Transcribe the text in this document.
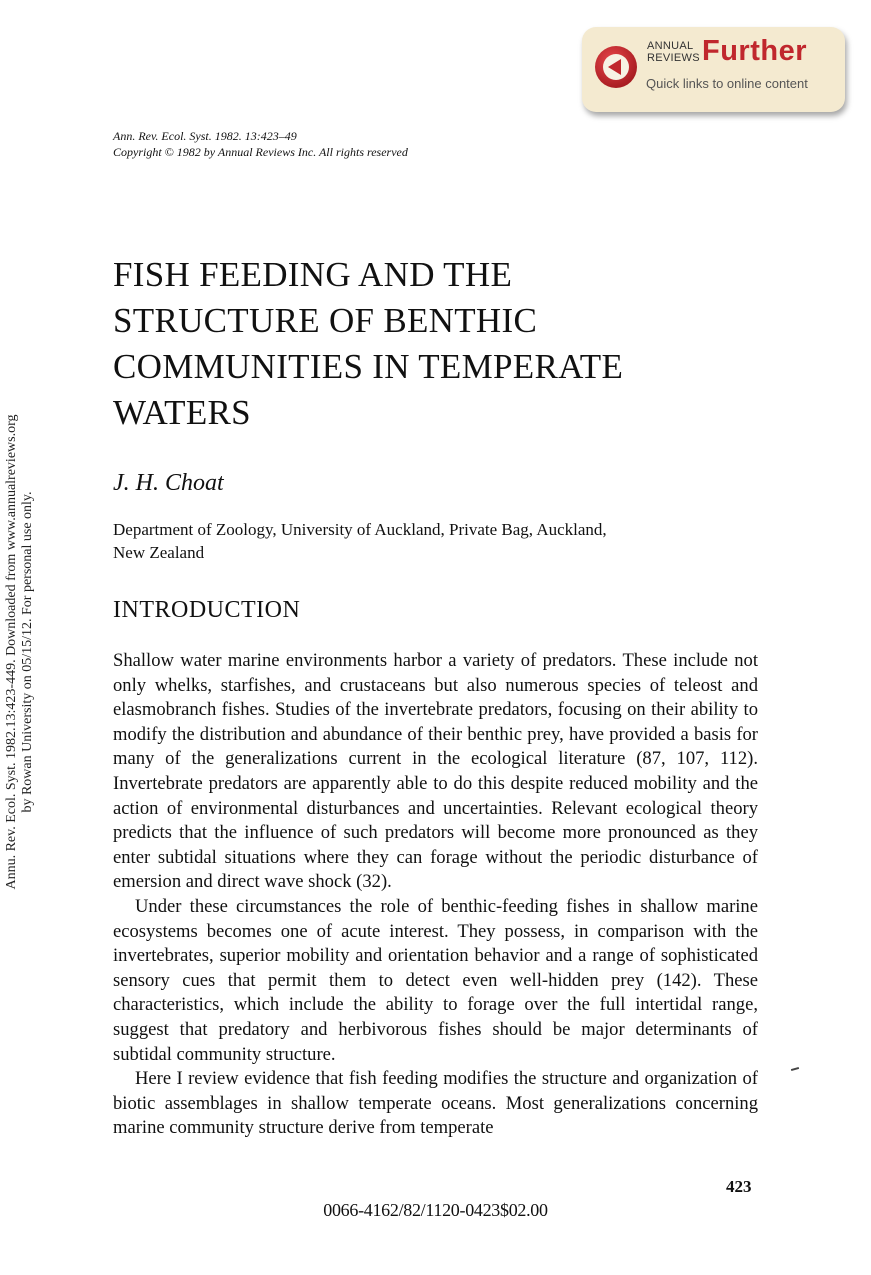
ANNUAL
REVIEWS Further
Quick links to online content
Ann. Rev. Ecol. Syst. 1982. 13:423–49
Copyright © 1982 by Annual Reviews Inc. All rights reserved
Annu. Rev. Ecol. Syst. 1982.13:423-449. Downloaded from www.annualreviews.org by Rowan University on 05/15/12. For personal use only.
FISH FEEDING AND THE
STRUCTURE OF BENTHIC
COMMUNITIES IN TEMPERATE
WATERS
J. H. Choat
Department of Zoology, University of Auckland, Private Bag, Auckland,
New Zealand
INTRODUCTION

Shallow water marine environments harbor a variety of predators. These include not only whelks, starfishes, and crustaceans but also numerous species of teleost and elasmobranch fishes. Studies of the invertebrate predators, focusing on their ability to modify the distribution and abundance of their benthic prey, have provided a basis for many of the generalizations current in the ecological literature (87, 107, 112). Invertebrate predators are apparently able to do this despite reduced mobility and the action of environmental disturbances and uncertainties. Relevant ecological theory predicts that the influence of such predators will become more pronounced as they enter subtidal situations where they can forage without the periodic disturbance of emersion and direct wave shock (32).

Under these circumstances the role of benthic-feeding fishes in shallow marine ecosystems becomes one of acute interest. They possess, in comparison with the invertebrates, superior mobility and orientation behavior and a range of sophisticated sensory cues that permit them to detect even well-hidden prey (142). These characteristics, which include the ability to forage over the full intertidal range, suggest that predatory and herbivorous fishes should be major determinants of subtidal community structure.

Here I review evidence that fish feeding modifies the structure and organization of biotic assemblages in shallow temperate oceans. Most generalizations concerning marine community structure derive from temperate

423
0066-4162/82/1120-0423$02.00
